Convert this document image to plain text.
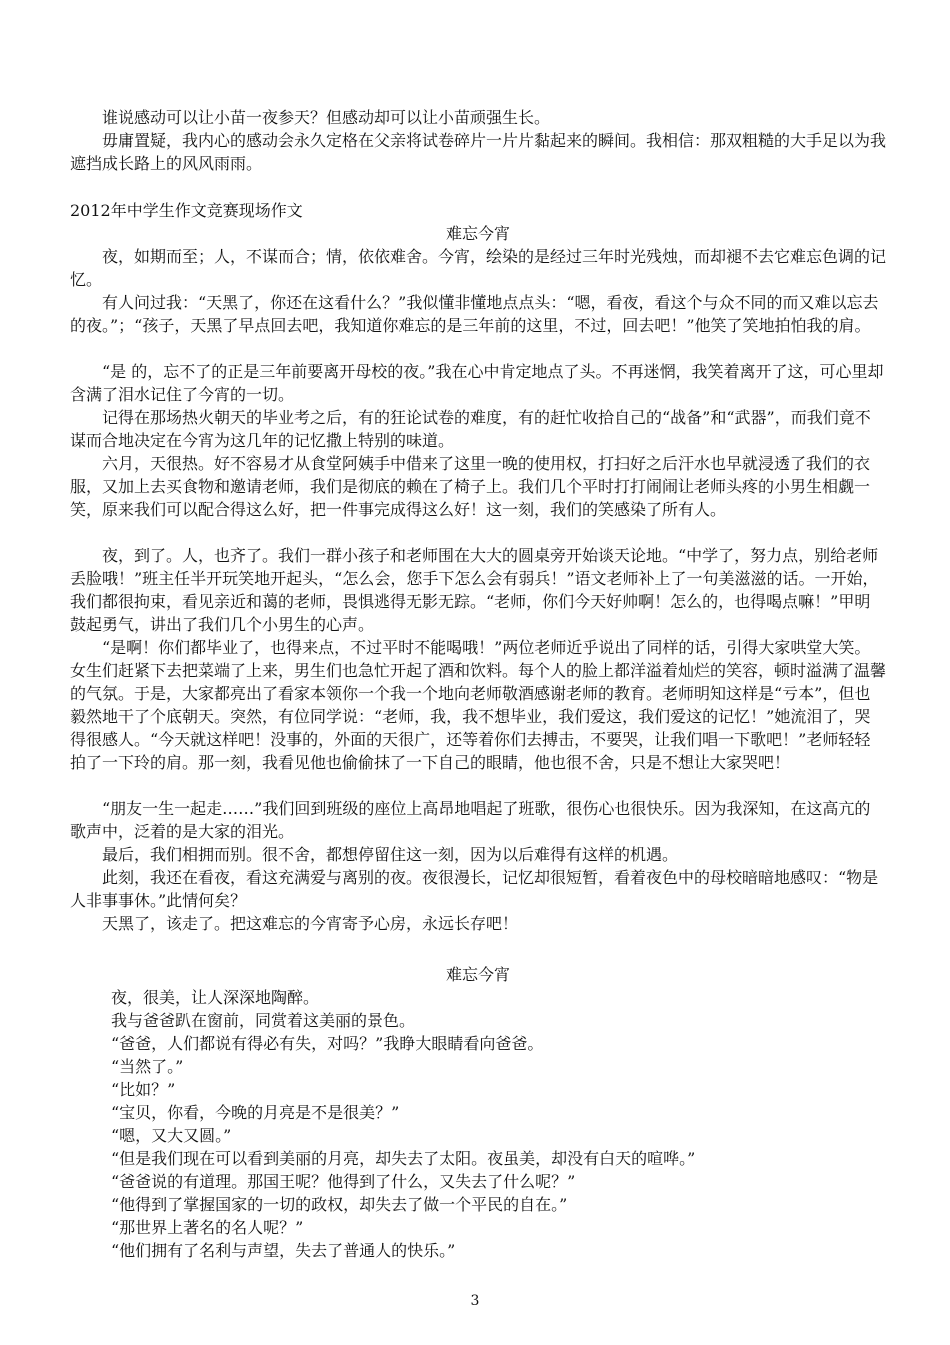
谁说感动可以让小苗一夜参天？但感动却可以让小苗顽强生长。

毋庸置疑，我内心的感动会永久定格在父亲将试卷碎片一片片黏起来的瞬间。我相信：那双粗糙的大手足以为我遮挡成长路上的风风雨雨。

2012年中学生作文竞赛现场作文

难忘今宵

夜，如期而至；人，不谋而合；情，依依难舍。今宵，绘染的是经过三年时光残烛，而却褪不去它难忘色调的记忆。

有人问过我：“天黑了，你还在这看什么？”我似懂非懂地点点头：“嗯，看夜，看这个与众不同的而又难以忘去的夜。”；“孩子，天黑了早点回去吧，我知道你难忘的是三年前的这里，不过，回去吧！”他笑了笑地拍怕我的肩。

“是 的，忘不了的正是三年前要离开母校的夜。”我在心中肯定地点了头。不再迷惘，我笑着离开了这，可心里却含满了泪水记住了今宵的一切。

记得在那场热火朝天的毕业考之后，有的狂论试卷的难度，有的赶忙收拾自己的“战备”和“武器”，而我们竟不谋而合地决定在今宵为这几年的记忆撒上特别的味道。

六月，天很热。好不容易才从食堂阿姨手中借来了这里一晚的使用权，打扫好之后汗水也早就浸透了我们的衣服，又加上去买食物和邀请老师，我们是彻底的赖在了椅子上。我们几个平时打打闹闹让老师头疼的小男生相觑一笑，原来我们可以配合得这么好，把一件事完成得这么好！这一刻，我们的笑感染了所有人。

夜，到了。人，也齐了。我们一群小孩子和老师围在大大的圆桌旁开始谈天论地。“中学了，努力点，别给老师丢脸哦！”班主任半开玩笑地开起头，“怎么会，您手下怎么会有弱兵！”语文老师补上了一句美滋滋的话。一开始，我们都很拘束，看见亲近和蔼的老师，畏惧逃得无影无踪。“老师，你们今天好帅啊！怎么的，也得喝点嘛！”甲明鼓起勇气，讲出了我们几个小男生的心声。

“是啊！你们都毕业了，也得来点，不过平时不能喝哦！”两位老师近乎说出了同样的话，引得大家哄堂大笑。女生们赶紧下去把菜端了上来，男生们也急忙开起了酒和饮料。每个人的脸上都洋溢着灿烂的笑容，顿时溢满了温馨的气氛。于是，大家都亮出了看家本领你一个我一个地向老师敬酒感谢老师的教育。老师明知这样是“亏本”，但也毅然地干了个底朝天。突然，有位同学说：“老师，我，我不想毕业，我们爱这，我们爱这的记忆！”她流泪了，哭得很感人。“今天就这样吧！没事的，外面的天很广，还等着你们去搏击，不要哭，让我们唱一下歌吧！”老师轻轻拍了一下玲的肩。那一刻，我看见他也偷偷抹了一下自己的眼睛，他也很不舍，只是不想让大家哭吧！

“朋友一生一起走……”我们回到班级的座位上高昂地唱起了班歌，很伤心也很快乐。因为我深知，在这高亢的歌声中，泛着的是大家的泪光。

最后，我们相拥而别。很不舍，都想停留住这一刻，因为以后难得有这样的机遇。

此刻，我还在看夜，看这充满爱与离别的夜。夜很漫长，记忆却很短暂，看着夜色中的母校暗暗地感叹：“物是人非事事休。”此情何矣？

天黑了，该走了。把这难忘的今宵寄予心房，永远长存吧！

难忘今宵

夜，很美，让人深深地陶醉。

我与爸爸趴在窗前，同赏着这美丽的景色。

“爸爸，人们都说有得必有失，对吗？”我睁大眼睛看向爸爸。

“当然了。”

“比如？”

“宝贝，你看，今晚的月亮是不是很美？”

“嗯，又大又圆。”

“但是我们现在可以看到美丽的月亮，却失去了太阳。夜虽美，却没有白天的喧哗。”

“爸爸说的有道理。那国王呢？他得到了什么，又失去了什么呢？”

“他得到了掌握国家的一切的政权，却失去了做一个平民的自在。”

“那世界上著名的名人呢？”

“他们拥有了名利与声望，失去了普通人的快乐。”

3
